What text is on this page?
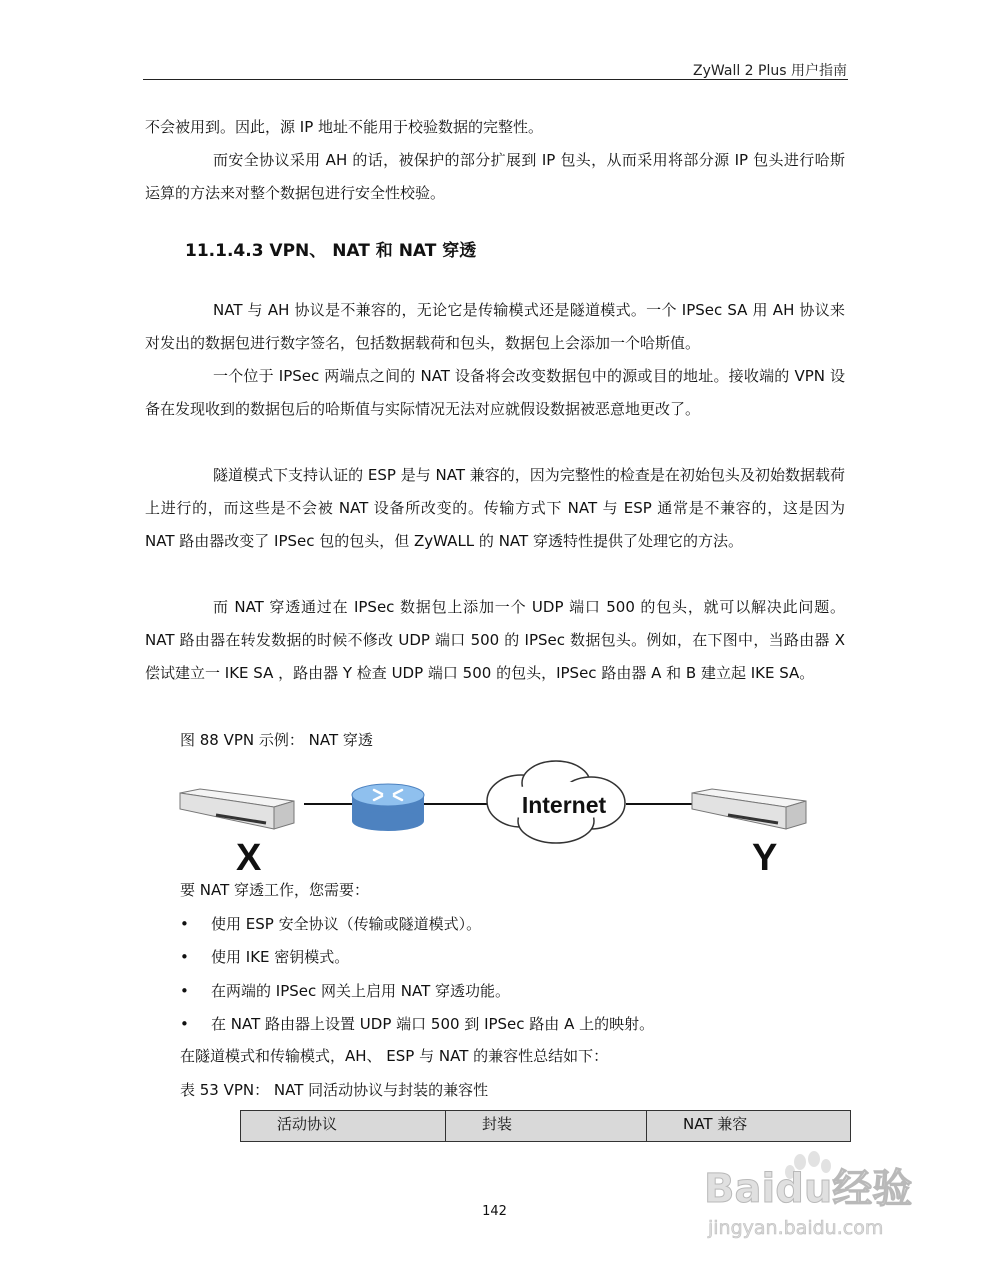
ZyWall 2 Plus 用户指南

不会被用到。因此，源 IP 地址不能用于校验数据的完整性。

而安全协议采用 AH 的话，被保护的部分扩展到 IP 包头，从而采用将部分源 IP 包头进行哈斯运算的方法来对整个数据包进行安全性校验。

11.1.4.3 VPN、 NAT 和 NAT 穿透

NAT 与 AH 协议是不兼容的，无论它是传输模式还是隧道模式。一个 IPSec SA 用 AH 协议来对发出的数据包进行数字签名，包括数据载荷和包头，数据包上会添加一个哈斯值。

一个位于 IPSec 两端点之间的 NAT 设备将会改变数据包中的源或目的地址。接收端的 VPN 设备在发现收到的数据包后的哈斯值与实际情况无法对应就假设数据被恶意地更改了。

隧道模式下支持认证的 ESP 是与 NAT 兼容的，因为完整性的检查是在初始包头及初始数据载荷上进行的，而这些是不会被 NAT 设备所改变的。传输方式下 NAT 与 ESP 通常是不兼容的，这是因为 NAT 路由器改变了 IPSec 包的包头，但 ZyWALL 的 NAT 穿透特性提供了处理它的方法。

而 NAT 穿透通过在 IPSec 数据包上添加一个 UDP 端口 500 的包头，就可以解决此问题。NAT 路由器在转发数据的时候不修改 UDP 端口 500 的 IPSec 数据包头。例如，在下图中，当路由器 X 偿试建立一 IKE SA ，路由器 Y 检查 UDP 端口 500 的包头，IPSec 路由器 A 和 B 建立起 IKE SA。

图 88 VPN 示例： NAT 穿透
Internet
X	Y
要 NAT 穿透工作，您需要：
• 使用 ESP 安全协议（传输或隧道模式）。
• 使用 IKE 密钥模式。
• 在两端的 IPSec 网关上启用 NAT 穿透功能。
• 在 NAT 路由器上设置 UDP 端口 500 到 IPSec 路由 A 上的映射。
在隧道模式和传输模式，AH、 ESP 与 NAT 的兼容性总结如下：
表 53 VPN： NAT 同活动协议与封装的兼容性
活动协议	封装	NAT 兼容
142	Baidu经验
jingyan.baidu.com
